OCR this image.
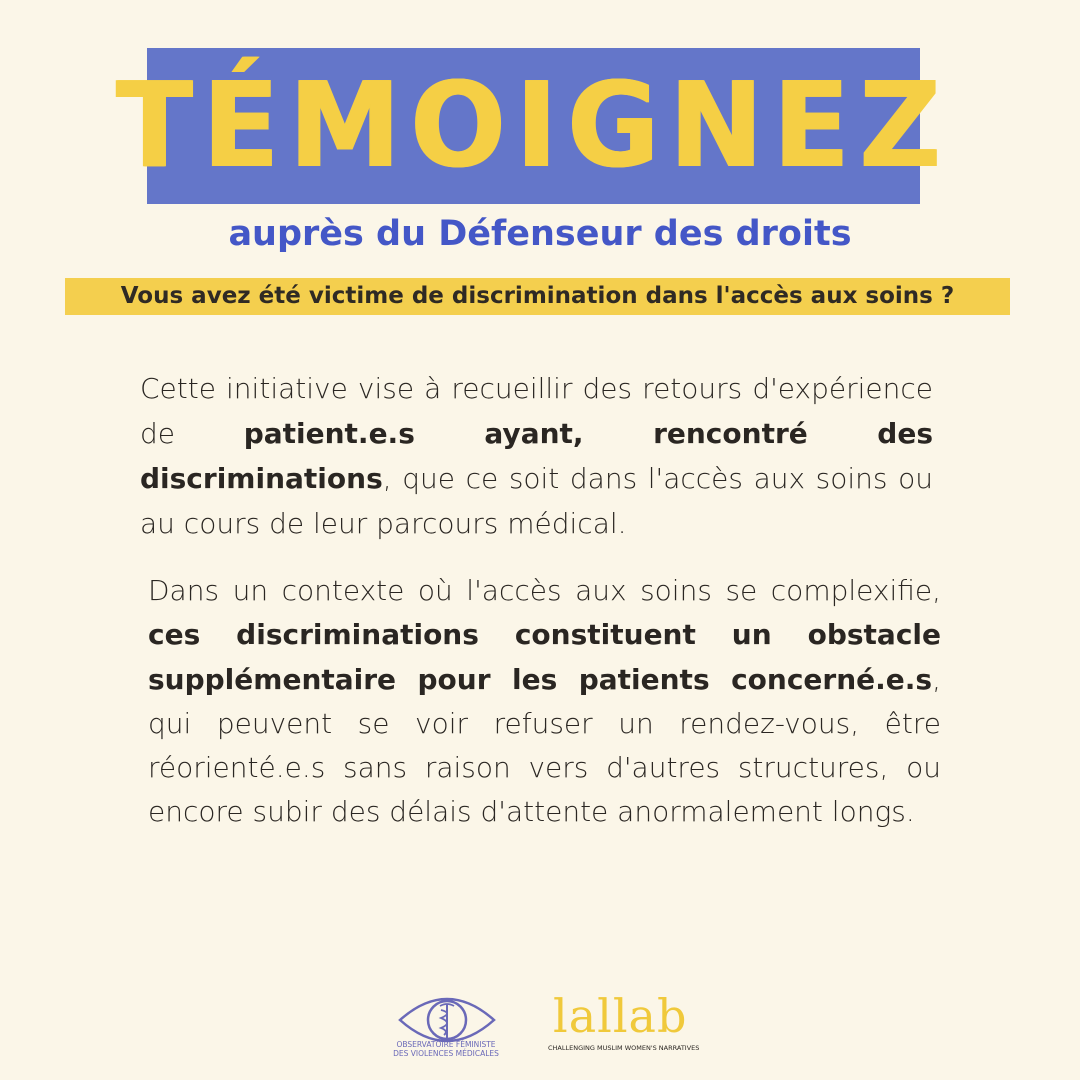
TÉMOIGNEZ
auprès du Défenseur des droits
Vous avez été victime de discrimination dans l'accès aux soins ?

Cette initiative vise à recueillir des retours d'expérience de patient.e.s ayant, rencontré des discriminations, que ce soit dans l'accès aux soins ou au cours de leur parcours médical.

Dans un contexte où l'accès aux soins se complexifie, ces discriminations constituent un obstacle supplémentaire pour les patients concerné.e.s, qui peuvent se voir refuser un rendez-vous, être réorienté.e.s sans raison vers d'autres structures, ou encore subir des délais d'attente anormalement longs.

OBSERVATOIRE FÉMINISTE
DES VIOLENCES MÉDICALES
lallab
CHALLENGING MUSLIM WOMEN'S NARRATIVES
